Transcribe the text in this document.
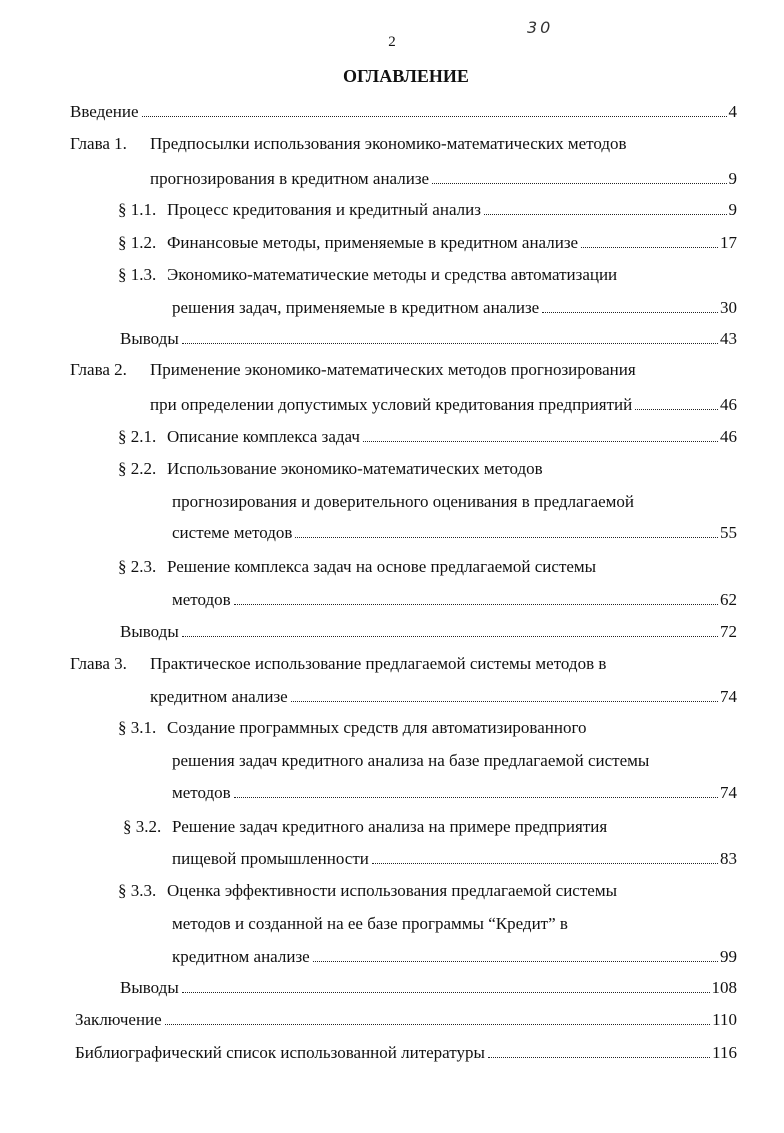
2
30
ОГЛАВЛЕНИЕ
Введение	4
Глава 1. Предпосылки использования экономико-математических методов
прогнозирования в кредитном анализе	9
§ 1.1. Процесс кредитования и кредитный анализ	9
§ 1.2. Финансовые методы, применяемые в кредитном анализе	17
§ 1.3. Экономико-математические методы и средства автоматизации
решения задач, применяемые в кредитном анализе	30
Выводы	43
Глава 2. Применение экономико-математических методов прогнозирования
при определении допустимых условий кредитования предприятий	46
§ 2.1. Описание комплекса задач	46
§ 2.2. Использование экономико-математических методов
прогнозирования и доверительного оценивания в предлагаемой
системе методов	55
§ 2.3. Решение комплекса задач на основе предлагаемой системы
методов	62
Выводы	72
Глава 3. Практическое использование предлагаемой системы методов в
кредитном анализе	74
§ 3.1. Создание программных средств для автоматизированного
решения задач кредитного анализа на базе предлагаемой системы
методов	74
§ 3.2. Решение задач кредитного анализа на примере предприятия
пищевой промышленности	83
§ 3.3. Оценка эффективности использования предлагаемой системы
методов и созданной на ее базе программы “Кредит” в
кредитном анализе	99
Выводы	108
Заключение	110
Библиографический список использованной литературы	116
